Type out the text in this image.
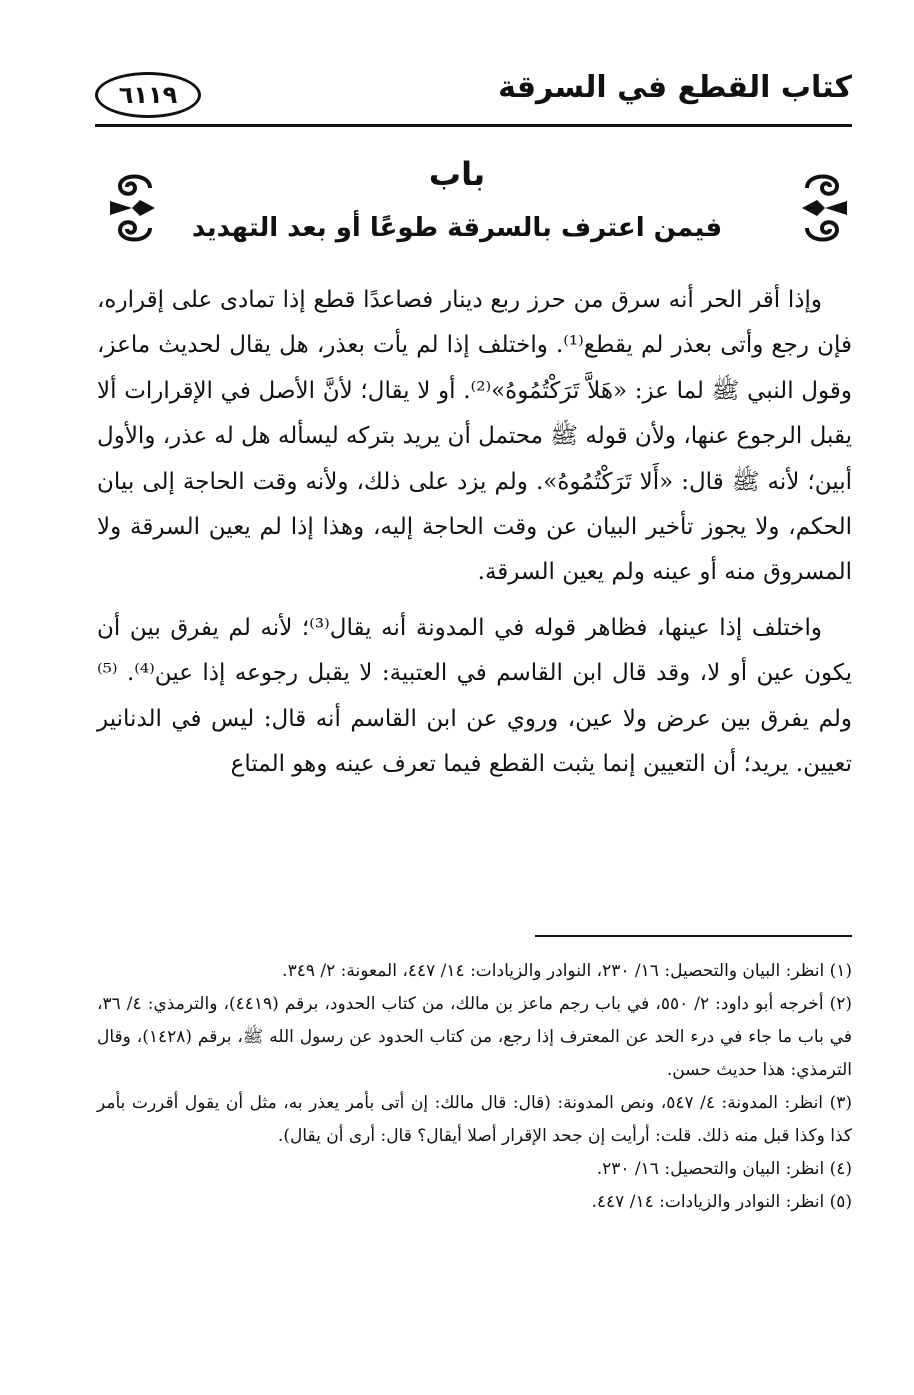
كتاب القطع في السرقة
٦١١٩
باب
فيمن اعترف بالسرقة طوعًا أو بعد التهديد

وإذا أقر الحر أنه سرق من حرز ربع دينار فصاعدًا قطع إذا تمادى على إقراره، فإن رجع وأتى بعذر لم يقطع⁽¹⁾. واختلف إذا لم يأت بعذر، هل يقال لحديث ماعز، وقول النبي ﷺ لما عز: «هَلاَّ تَرَكْتُمُوهُ»⁽²⁾. أو لا يقال؛ لأنَّ الأصل في الإقرارات ألا يقبل الرجوع عنها، ولأن قوله ﷺ محتمل أن يريد بتركه ليسأله هل له عذر، والأول أبين؛ لأنه ﷺ قال: «أَلا تَرَكْتُمُوهُ». ولم يزد على ذلك، ولأنه وقت الحاجة إلى بيان الحكم، ولا يجوز تأخير البيان عن وقت الحاجة إليه، وهذا إذا لم يعين السرقة ولا المسروق منه أو عينه ولم يعين السرقة.

واختلف إذا عينها، فظاهر قوله في المدونة أنه يقال⁽³⁾؛ لأنه لم يفرق بين أن يكون عين أو لا، وقد قال ابن القاسم في العتبية: لا يقبل رجوعه إذا عين⁽⁴⁾. ⁽⁵⁾ ولم يفرق بين عرض ولا عين، وروي عن ابن القاسم أنه قال: ليس في الدنانير تعيين. يريد؛ أن التعيين إنما يثبت القطع فيما تعرف عينه وهو المتاع

(١) انظر: البيان والتحصيل: ١٦/ ٢٣٠، النوادر والزيادات: ١٤/ ٤٤٧، المعونة: ٢/ ٣٤٩.

(٢) أخرجه أبو داود: ٢/ ٥٥٠، في باب رجم ماعز بن مالك، من كتاب الحدود، برقم (٤٤١٩)، والترمذي: ٤/ ٣٦، في باب ما جاء في درء الحد عن المعترف إذا رجع، من كتاب الحدود عن رسول الله ﷺ، برقم (١٤٢٨)، وقال الترمذي: هذا حديث حسن.

(٣) انظر: المدونة: ٤/ ٥٤٧، ونص المدونة: (قال: قال مالك: إن أتى بأمر يعذر به، مثل أن يقول أقررت بأمر كذا وكذا قبل منه ذلك. قلت: أرأيت إن جحد الإقرار أصلا أيقال؟ قال: أرى أن يقال).

(٤) انظر: البيان والتحصيل: ١٦/ ٢٣٠.

(٥) انظر: النوادر والزيادات: ١٤/ ٤٤٧.
